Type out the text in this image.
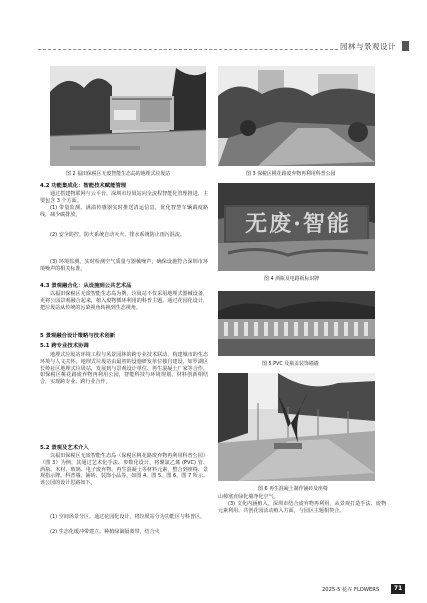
园林与景观设计
图 2 福田保税区无废智能生态岛的地埋式垃圾站	图 3 保税区桃花路废弃物再利用科普公园
无废·智能
图 4 酒瓶及电路板标识牌
图 5 PVC 及瓶盖装饰墙墙
图 6 再生混凝土制作铺砖及座椅

4.2 功能集成化：智能技术赋能管理

通过搭建物联网与云平台，深圳市垃圾站向全流程智能化管理推进，主要包含 3 个方面。

(1) 带量监测。满溢传感器实时推送清运信息，优化智慧车辆调度路线，减少碳排放。

(2) 安全防控。防火系统自动灭火，排水系统防止雨污混流。

(3) 环境监测。实时检测空气质量与器械噪声，确保设施符合深圳市环境噪声的相关标准。

4.3 景观融合化：从设施到公共艺术品

以福田保税区无废智能生态岛为例，垃圾站不仅采用地埋式器械设备，更将公园景观融合起来，植入废物循环利用的科普主题。通过花园化设计，把垃圾站从传统的污染视角转换到生态视角。

5 景观融合设计策略与技术创新

5.1 跨专业技术协调

地埋式垃圾站环境工程与风景园林的跨专业技术联动，构建城市的生态环境与人文关怀。地埋式垃圾站由最初的设施研发单位独自建设，如罗湖区长岭社区地埋式垃圾站，发展到与景观设计单位、再生混凝土厂家等合作，如保税区桃花路废弃物再利用公园，智能科技与环境规划、材料创新相结合，实现跨专业、跨行业合作。

5.2 景观及艺术介入

以福田保税区无废智能生态岛（保税区桃花路废弃物再利用科普公园）（图 3）为例，其通过艺术化手法、参数化设计，将聚氯乙烯 (PVC) 管、酒瓶、木材、玻璃、电子废弃物、再生混凝土等材料元素，整合到座椅、景观指示牌、科普墙、铺砖、装饰小品等，如图 4、图 5、图 6、图 7 所示。该公园的设计思路如下。

(1) 空间场景分区。通过花园化设计，将垃圾站分为功能区与科普区。

(2) 生态化缓冲带建立。种植绿篱隔离带，结合火

山樟塞直绿化墙净化空气。

(3) 文化内涵植入。深圳市结合废弃物再利用，从景观打造手法、废物元素利用、共创花园活动植入方面，与园区主题相契合。

2025-5 花卉 FLOWERS	71
